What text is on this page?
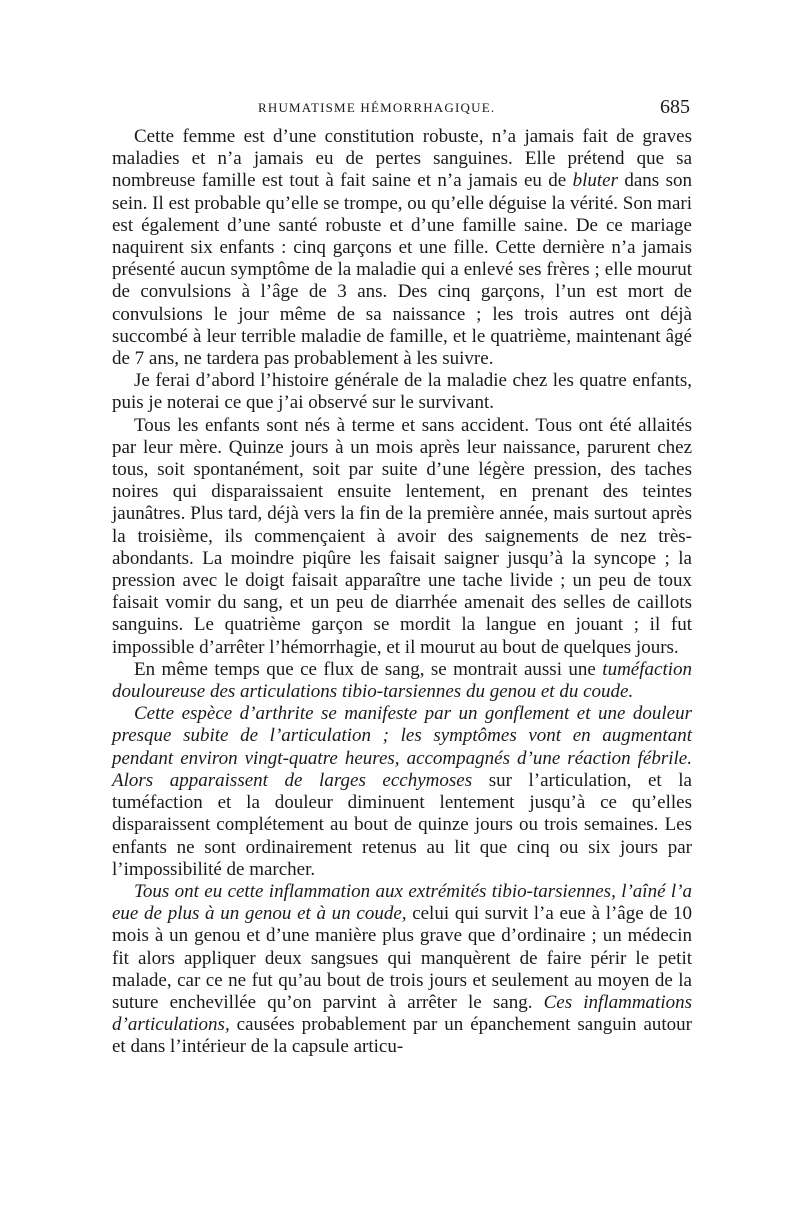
RHUMATISME HÉMORRHAGIQUE.	685

Cette femme est d’une constitution robuste, n’a jamais fait de graves maladies et n’a jamais eu de pertes sanguines. Elle prétend que sa nombreuse famille est tout à fait saine et n’a jamais eu de bluter dans son sein. Il est probable qu’elle se trompe, ou qu’elle déguise la vérité. Son mari est également d’une santé robuste et d’une famille saine. De ce mariage naquirent six enfants : cinq garçons et une fille. Cette dernière n’a jamais présenté aucun symptôme de la maladie qui a enlevé ses frères ; elle mourut de convulsions à l’âge de 3 ans. Des cinq garçons, l’un est mort de convulsions le jour même de sa naissance ; les trois autres ont déjà succombé à leur terrible maladie de famille, et le quatrième, maintenant âgé de 7 ans, ne tardera pas probablement à les suivre.

Je ferai d’abord l’histoire générale de la maladie chez les quatre enfants, puis je noterai ce que j’ai observé sur le survivant.

Tous les enfants sont nés à terme et sans accident. Tous ont été allaités par leur mère. Quinze jours à un mois après leur naissance, parurent chez tous, soit spontanément, soit par suite d’une légère pression, des taches noires qui disparaissaient ensuite lentement, en prenant des teintes jaunâtres. Plus tard, déjà vers la fin de la première année, mais surtout après la troisième, ils commençaient à avoir des saignements de nez très-abondants. La moindre piqûre les faisait saigner jusqu’à la syncope ; la pression avec le doigt faisait apparaître une tache livide ; un peu de toux faisait vomir du sang, et un peu de diarrhée amenait des selles de caillots sanguins. Le quatrième garçon se mordit la langue en jouant ; il fut impossible d’arrêter l’hémorrhagie, et il mourut au bout de quelques jours.

En même temps que ce flux de sang, se montrait aussi une tuméfaction douloureuse des articulations tibio-tarsiennes du genou et du coude.

Cette espèce d’arthrite se manifeste par un gonflement et une douleur presque subite de l’articulation ; les symptômes vont en augmentant pendant environ vingt-quatre heures, accompagnés d’une réaction fébrile. Alors apparaissent de larges ecchymoses sur l’articulation, et la tuméfaction et la douleur diminuent lentement jusqu’à ce qu’elles disparaissent complétement au bout de quinze jours ou trois semaines. Les enfants ne sont ordinairement retenus au lit que cinq ou six jours par l’impossibilité de marcher.

Tous ont eu cette inflammation aux extrémités tibio-tarsiennes, l’aîné l’a eue de plus à un genou et à un coude, celui qui survit l’a eue à l’âge de 10 mois à un genou et d’une manière plus grave que d’ordinaire ; un médecin fit alors appliquer deux sangsues qui manquèrent de faire périr le petit malade, car ce ne fut qu’au bout de trois jours et seulement au moyen de la suture enchevillée qu’on parvint à arrêter le sang. Ces inflammations d’articulations, causées probablement par un épanchement sanguin autour et dans l’intérieur de la capsule articu-
